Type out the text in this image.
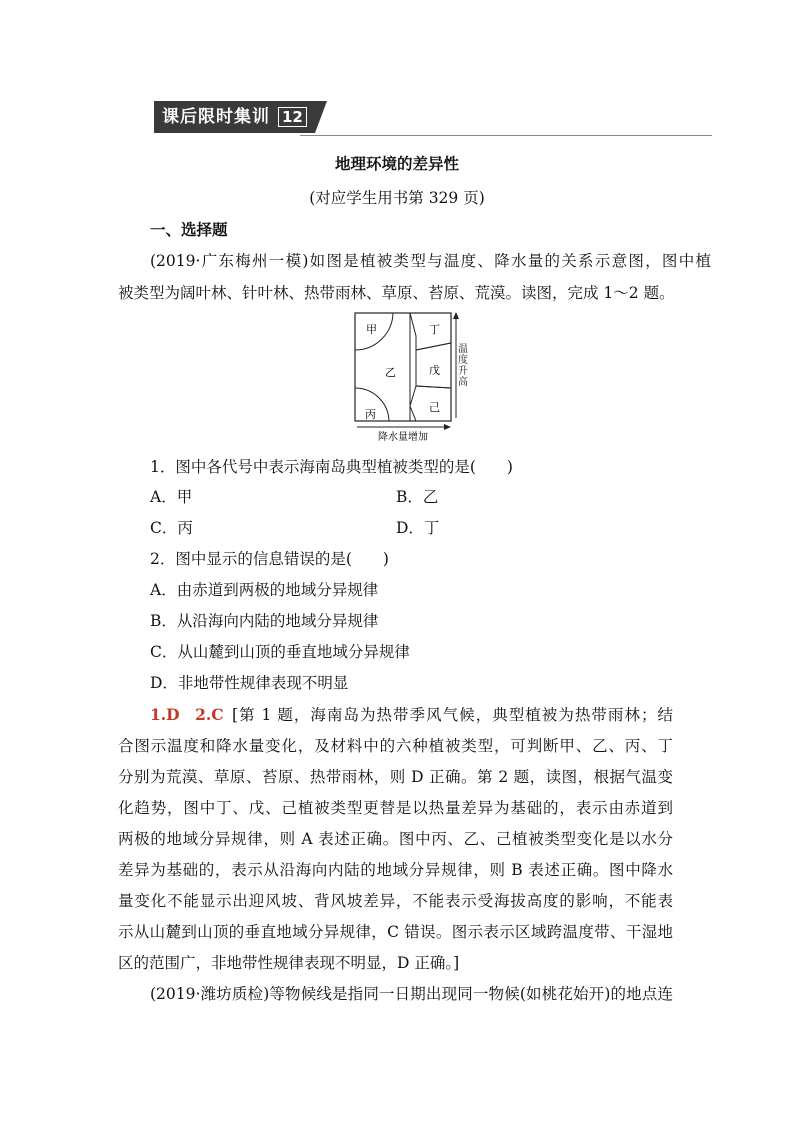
课后限时集训 12
地理环境的差异性
(对应学生用书第 329 页)
一、选择题
(2019·广东梅州一模)如图是植被类型与温度、降水量的关系示意图，图中植
被类型为阔叶林、针叶林、热带雨林、草原、苔原、荒漠。读图，完成 1～2 题。
甲
乙
丙
丁
戊
己
降水量增加
温度升高
1．图中各代号中表示海南岛典型植被类型的是(　　)
A．甲	B．乙
C．丙	D．丁
2．图中显示的信息错误的是(　　)
A．由赤道到两极的地域分异规律
B．从沿海向内陆的地域分异规律
C．从山麓到山顶的垂直地域分异规律
D．非地带性规律表现不明显
1.D　2.C [第 1 题，海南岛为热带季风气候，典型植被为热带雨林；结
合图示温度和降水量变化，及材料中的六种植被类型，可判断甲、乙、丙、丁
分别为荒漠、草原、苔原、热带雨林，则 D 正确。第 2 题，读图，根据气温变
化趋势，图中丁、戊、己植被类型更替是以热量差异为基础的，表示由赤道到
两极的地域分异规律，则 A 表述正确。图中丙、乙、己植被类型变化是以水分
差异为基础的，表示从沿海向内陆的地域分异规律，则 B 表述正确。图中降水
量变化不能显示出迎风坡、背风坡差异，不能表示受海拔高度的影响，不能表
示从山麓到山顶的垂直地域分异规律，C 错误。图示表示区域跨温度带、干湿地
区的范围广，非地带性规律表现不明显，D 正确。]
(2019·潍坊质检)等物候线是指同一日期出现同一物候(如桃花始开)的地点连
